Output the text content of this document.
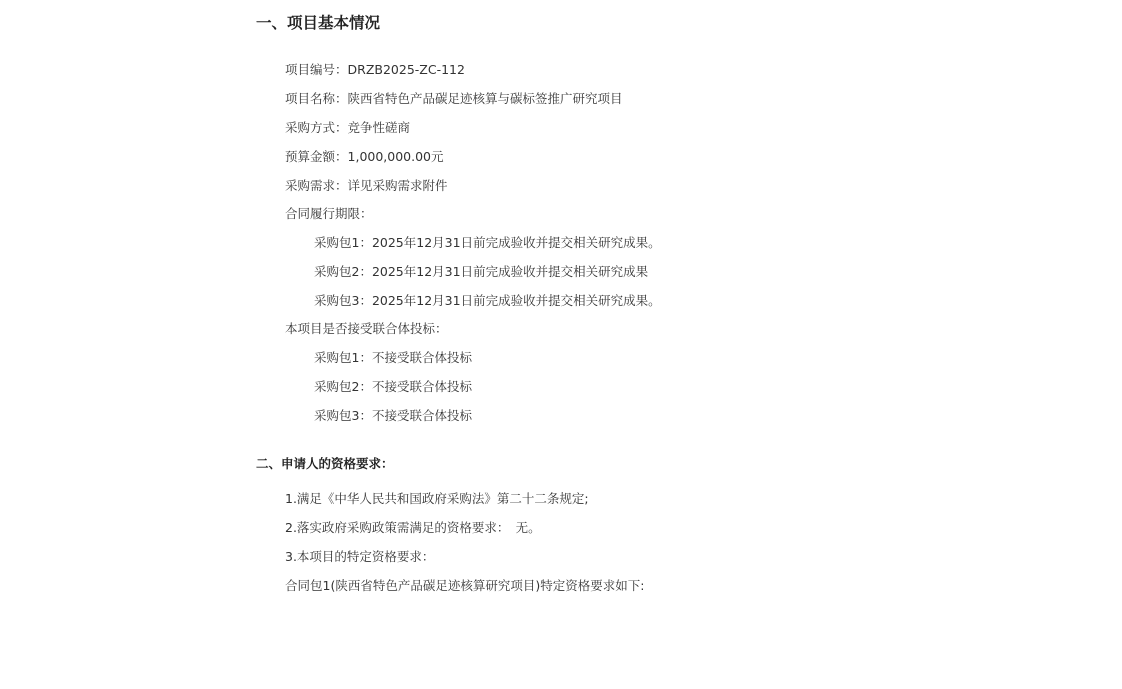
一、项目基本情况
项目编号：DRZB2025-ZC-112
项目名称：陕西省特色产品碳足迹核算与碳标签推广研究项目
采购方式：竞争性磋商
预算金额：1,000,000.00元
采购需求：详见采购需求附件
合同履行期限：
采购包1：2025年12月31日前完成验收并提交相关研究成果。
采购包2：2025年12月31日前完成验收并提交相关研究成果
采购包3：2025年12月31日前完成验收并提交相关研究成果。
本项目是否接受联合体投标：
采购包1：不接受联合体投标
采购包2：不接受联合体投标
采购包3：不接受联合体投标
二、申请人的资格要求：
1.满足《中华人民共和国政府采购法》第二十二条规定;
2.落实政府采购政策需满足的资格要求：　无。
3.本项目的特定资格要求：
合同包1(陕西省特色产品碳足迹核算研究项目)特定资格要求如下:
